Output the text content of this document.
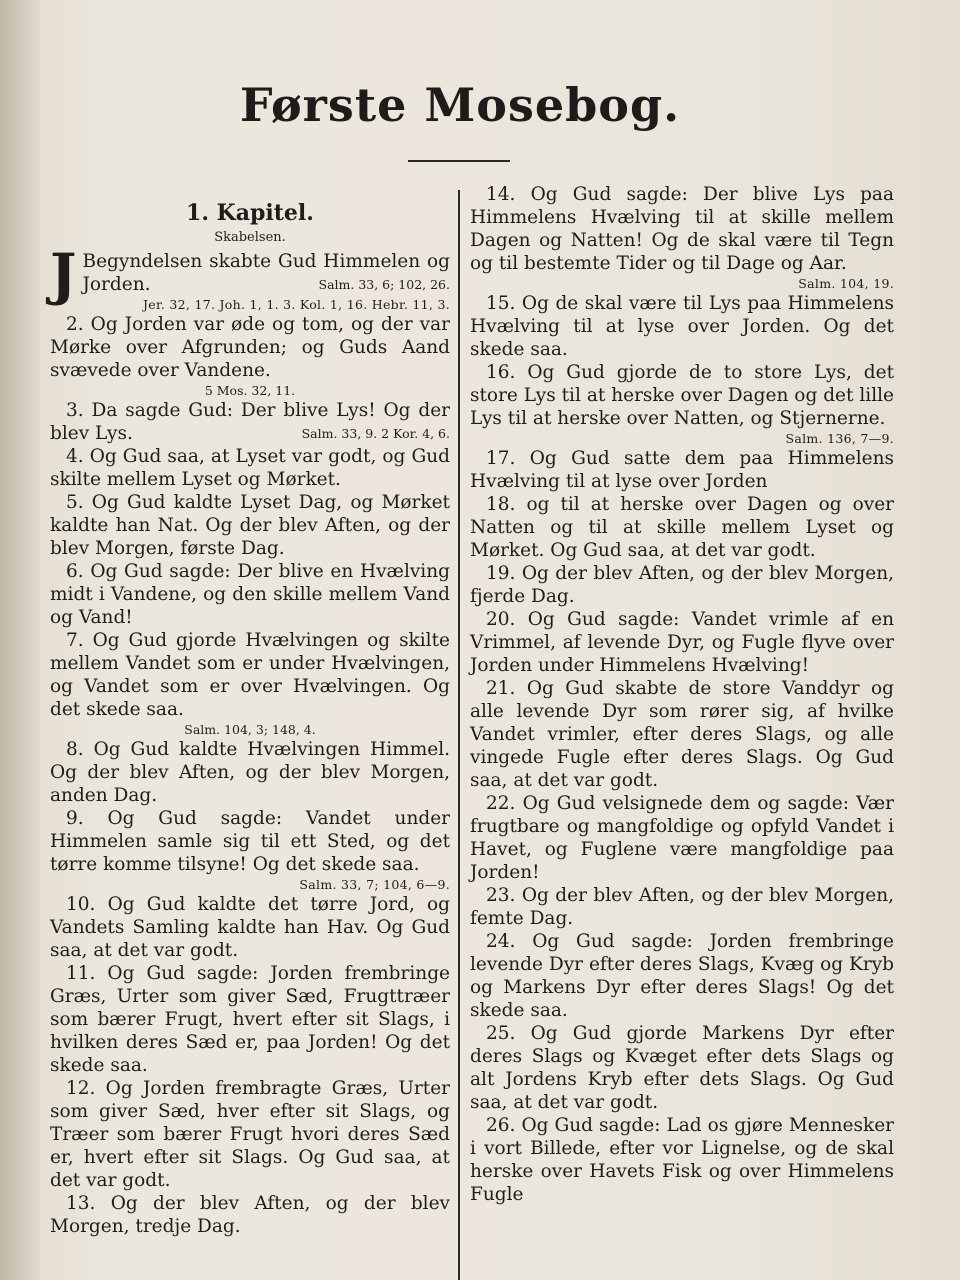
Første Mosebog.

1. Kapitel.

Skabelsen.

J Begyndelsen skabte Gud Himmelen og Jorden.	Salm. 33, 6; 102, 26.

Jer. 32, 17. Joh. 1, 1. 3. Kol. 1, 16. Hebr. 11, 3.

2. Og Jorden var øde og tom, og der var Mørke over Afgrunden; og Guds Aand svævede over Vandene.

5 Mos. 32, 11.

3. Da sagde Gud: Der blive Lys! Og der blev Lys.	Salm. 33, 9. 2 Kor. 4, 6.

4. Og Gud saa, at Lyset var godt, og Gud skilte mellem Lyset og Mørket.

5. Og Gud kaldte Lyset Dag, og Mørket kaldte han Nat. Og der blev Aften, og der blev Morgen, første Dag.

6. Og Gud sagde: Der blive en Hvælving midt i Vandene, og den skille mellem Vand og Vand!

7. Og Gud gjorde Hvælvingen og skilte mellem Vandet som er under Hvælvingen, og Vandet som er over Hvælvingen. Og det skede saa.

Salm. 104, 3; 148, 4.

8. Og Gud kaldte Hvælvingen Himmel. Og der blev Aften, og der blev Morgen, anden Dag.

9. Og Gud sagde: Vandet under Himmelen samle sig til ett Sted, og det tørre komme tilsyne! Og det skede saa.

Salm. 33, 7; 104, 6—9.

10. Og Gud kaldte det tørre Jord, og Vandets Samling kaldte han Hav. Og Gud saa, at det var godt.

11. Og Gud sagde: Jorden frembringe Græs, Urter som giver Sæd, Frugttræer som bærer Frugt, hvert efter sit Slags, i hvilken deres Sæd er, paa Jorden! Og det skede saa.

12. Og Jorden frembragte Græs, Urter som giver Sæd, hver efter sit Slags, og Træer som bærer Frugt hvori deres Sæd er, hvert efter sit Slags. Og Gud saa, at det var godt.

13. Og der blev Aften, og der blev Morgen, tredje Dag.

14. Og Gud sagde: Der blive Lys paa Himmelens Hvælving til at skille mellem Dagen og Natten! Og de skal være til Tegn og til bestemte Tider og til Dage og Aar.

Salm. 104, 19.

15. Og de skal være til Lys paa Himmelens Hvælving til at lyse over Jorden. Og det skede saa.

16. Og Gud gjorde de to store Lys, det store Lys til at herske over Dagen og det lille Lys til at herske over Natten, og Stjernerne.

Salm. 136, 7—9.

17. Og Gud satte dem paa Himmelens Hvælving til at lyse over Jorden

18. og til at herske over Dagen og over Natten og til at skille mellem Lyset og Mørket. Og Gud saa, at det var godt.

19. Og der blev Aften, og der blev Morgen, fjerde Dag.

20. Og Gud sagde: Vandet vrimle af en Vrimmel, af levende Dyr, og Fugle flyve over Jorden under Himmelens Hvælving!

21. Og Gud skabte de store Vanddyr og alle levende Dyr som rører sig, af hvilke Vandet vrimler, efter deres Slags, og alle vingede Fugle efter deres Slags. Og Gud saa, at det var godt.

22. Og Gud velsignede dem og sagde: Vær frugtbare og mangfoldige og opfyld Vandet i Havet, og Fuglene være mangfoldige paa Jorden!

23. Og der blev Aften, og der blev Morgen, femte Dag.

24. Og Gud sagde: Jorden frembringe levende Dyr efter deres Slags, Kvæg og Kryb og Markens Dyr efter deres Slags! Og det skede saa.

25. Og Gud gjorde Markens Dyr efter deres Slags og Kvæget efter dets Slags og alt Jordens Kryb efter dets Slags. Og Gud saa, at det var godt.

26. Og Gud sagde: Lad os gjøre Mennesker i vort Billede, efter vor Lignelse, og de skal herske over Havets Fisk og over Himmelens Fugle
